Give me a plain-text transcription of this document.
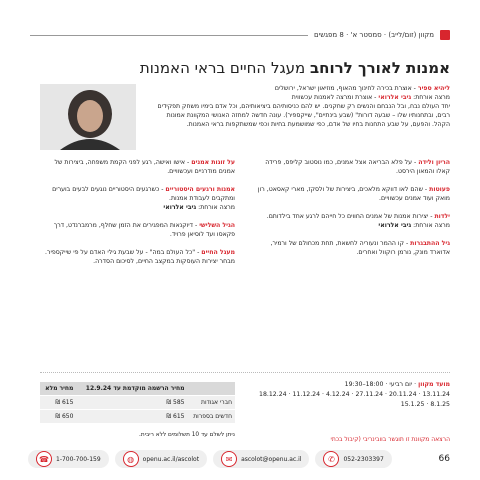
מקוון (זום/לייב) · סמסטר א' · 8 מפגשים
אמנות לאורך לרוחב מעגל החיים בראי האמנות
ליהיא ספיר - אוצרת בכירה לחינוך מהאוף, מוזיאון ישראל, ירושלים
מרצה אורחת: גיבי אלרואי - אוצרת ומרצה לאמנות עכשווית
יחד העולם נבח, ובל הנבחם והנשים רק שחקנים. יש להם כניסותיהם ביציאותיהם, וכל אדם בימיו משחק תפקידים רבים, ובתחנותיו שלו – שבעה דורות" (שבע בינתיים", שייקספיר). עונה חדשה למחזה האנושי המקוונת אמונות הקהל. והפעם, על שבע התחנות בחיו של אדם, כפי שמושמעת בחיות וכפי שמשתקפות בראי האמנות.
הריון ולידה - על פלא הבריאה אצל אמנים, כמו נוסטוב קליפס, פרידה קאלו והמאון הירסט.
פעוטות - שהם לאו דווקא מלאכים, ביצירות של ולסקז, מארי קאסאט, רון מואק ועוד אמנים עכשוויים.
ילדות - יצירות אמנות של אמנים החווים כל חייהם לרגע אחד בילדותם.
מרצה אורחת: גיבי אלרואי
גיל ההתבגרות - קו ההמר ונעוריה לחשאת, תחת מכחולם של ורמיר, אדוארד מונק, נורמן רוקוול ואחרים.
על זוגות אמנים - אישו ואישה, רגע לפני הקמת משפחה, ביצירות של אמנים מודרניים ועכשוויים.
אמנות ורגעים היסטוריים - כשרגעים היסטוריים נוגעים לבעים בוערים ומתקבים לעבודת אמנות.
מרצה אורחת: גיבי אלרואי
הגיל השלישי - דיוקנאות המפגירים את הזמן שחלף, מרמברנדט, דרך פקאסו ועד לוסיאן פרויד.
מעגל החיים - "כל העולם במה" - על שבעת גילי האדם על פי שייקספיר. מבחר יצירות העוסקות במקצב החיים, לסיכום הסדרה.
מועד מקוון · יום רביעי · 18:00–19:30
13.11.24 · 20.11.24 · 27.11.24 · 4.12.24 · 11.12.24 · 18.12.24
8.1.25 · 15.1.25
	מחיר הרשמה מוקדמת עד 12.9.24	מחיר מלא
חברי אגודות	585 ₪	615 ₪
חדשים בספרות	615 ₪	650 ₪
ניתן לשלם עד 10 תשלומים ללא ריבית.
הרצאה מקוונת זו תוגשר בוובינריבי (קיבול בכתי
☎	1-700-700-159	◍	openu.ac.il/ascolot	✉	ascolot@openu.ac.il	✆	052-2303397	66
